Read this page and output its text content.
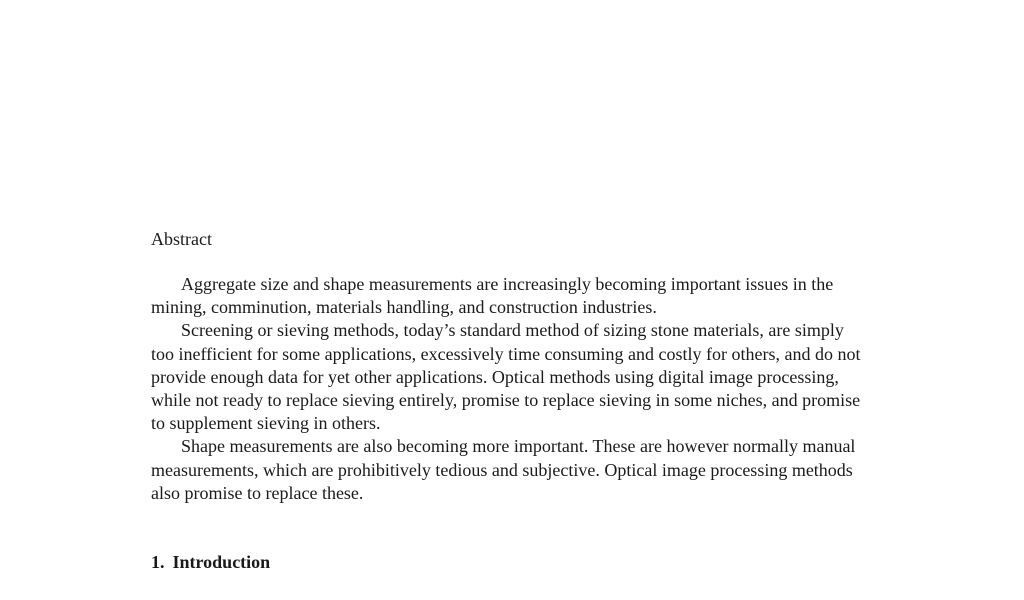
Abstract

Aggregate size and shape measurements are increasingly becoming important issues in the mining, comminution, materials handling, and construction industries.

Screening or sieving methods, today’s standard method of sizing stone materials, are simply too inefficient for some applications, excessively time consuming and costly for others, and do not provide enough data for yet other applications. Optical methods using digital image processing, while not ready to replace sieving entirely, promise to replace sieving in some niches, and promise to supplement sieving in others.

Shape measurements are also becoming more important. These are however normally manual measurements, which are prohibitively tedious and subjective. Optical image processing methods also promise to replace these.

1. Introduction
